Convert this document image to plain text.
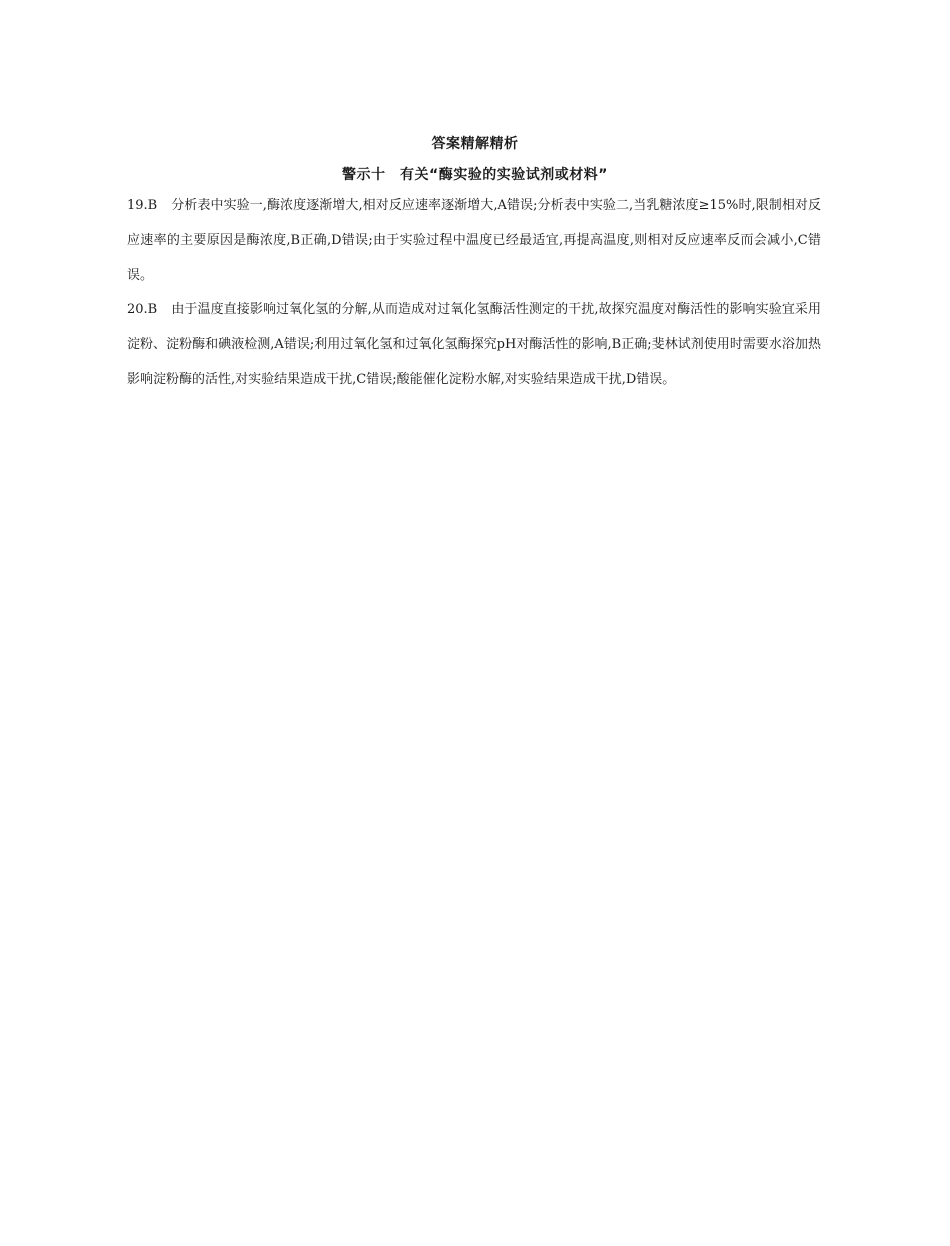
答案精解精析
警示十　有关“酶实验的实验试剂或材料”
19.B 分析表中实验一,酶浓度逐渐增大,相对反应速率逐渐增大,A错误;分析表中实验二,当乳糖浓度≥15%时,限制相对反应速率的主要原因是酶浓度,B正确,D错误;由于实验过程中温度已经最适宜,再提高温度,则相对反应速率反而会减小,C错误。
20.B 由于温度直接影响过氧化氢的分解,从而造成对过氧化氢酶活性测定的干扰,故探究温度对酶活性的影响实验宜采用淀粉、淀粉酶和碘液检测,A错误;利用过氧化氢和过氧化氢酶探究pH对酶活性的影响,B正确;斐林试剂使用时需要水浴加热影响淀粉酶的活性,对实验结果造成干扰,C错误;酸能催化淀粉水解,对实验结果造成干扰,D错误。
